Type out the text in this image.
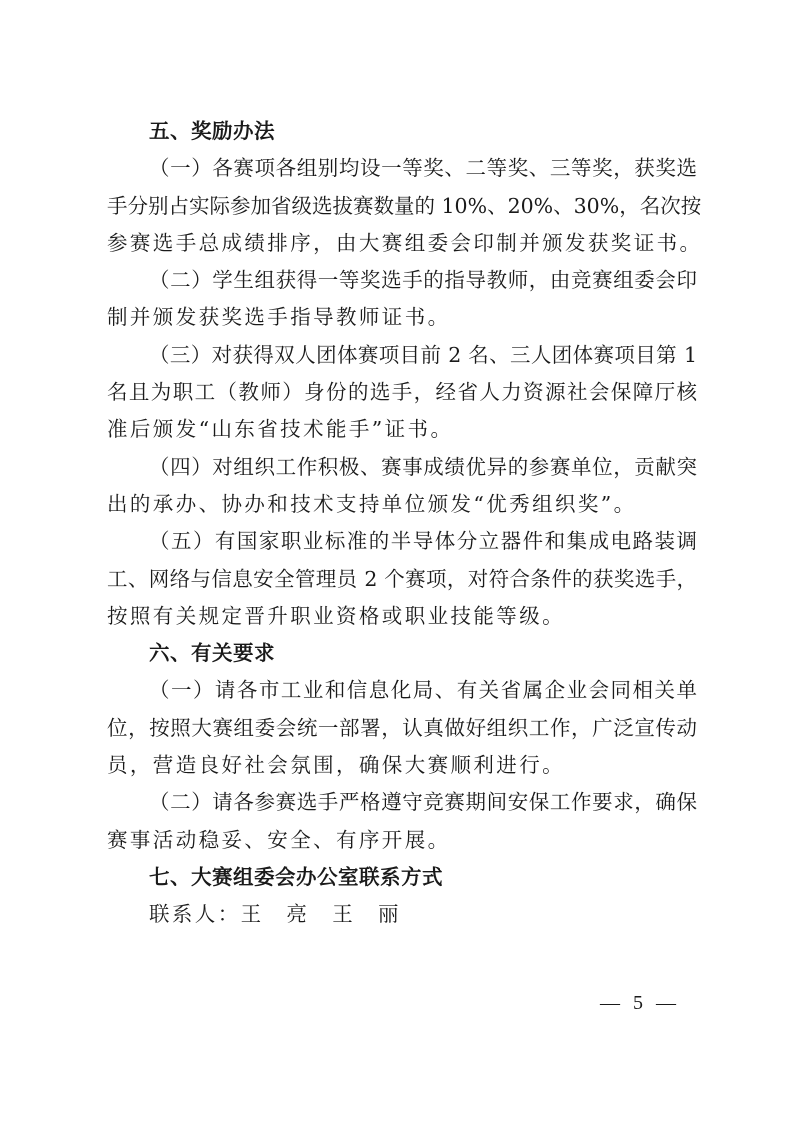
五、奖励办法
（一）各赛项各组别均设一等奖、二等奖、三等奖，获奖选
手分别占实际参加省级选拔赛数量的 10%、20%、30%，名次按
参赛选手总成绩排序，由大赛组委会印制并颁发获奖证书。
（二）学生组获得一等奖选手的指导教师，由竞赛组委会印
制并颁发获奖选手指导教师证书。
（三）对获得双人团体赛项目前 2 名、三人团体赛项目第 1
名且为职工（教师）身份的选手，经省人力资源社会保障厅核
准后颁发“山东省技术能手”证书。
（四）对组织工作积极、赛事成绩优异的参赛单位，贡献突
出的承办、协办和技术支持单位颁发“优秀组织奖”。
（五）有国家职业标准的半导体分立器件和集成电路装调
工、网络与信息安全管理员 2 个赛项，对符合条件的获奖选手，
按照有关规定晋升职业资格或职业技能等级。
六、有关要求
（一）请各市工业和信息化局、有关省属企业会同相关单
位，按照大赛组委会统一部署，认真做好组织工作，广泛宣传动
员，营造良好社会氛围，确保大赛顺利进行。
（二）请各参赛选手严格遵守竞赛期间安保工作要求，确保
赛事活动稳妥、安全、有序开展。
七、大赛组委会办公室联系方式
联系人：王　亮　王　丽
— 5 —
